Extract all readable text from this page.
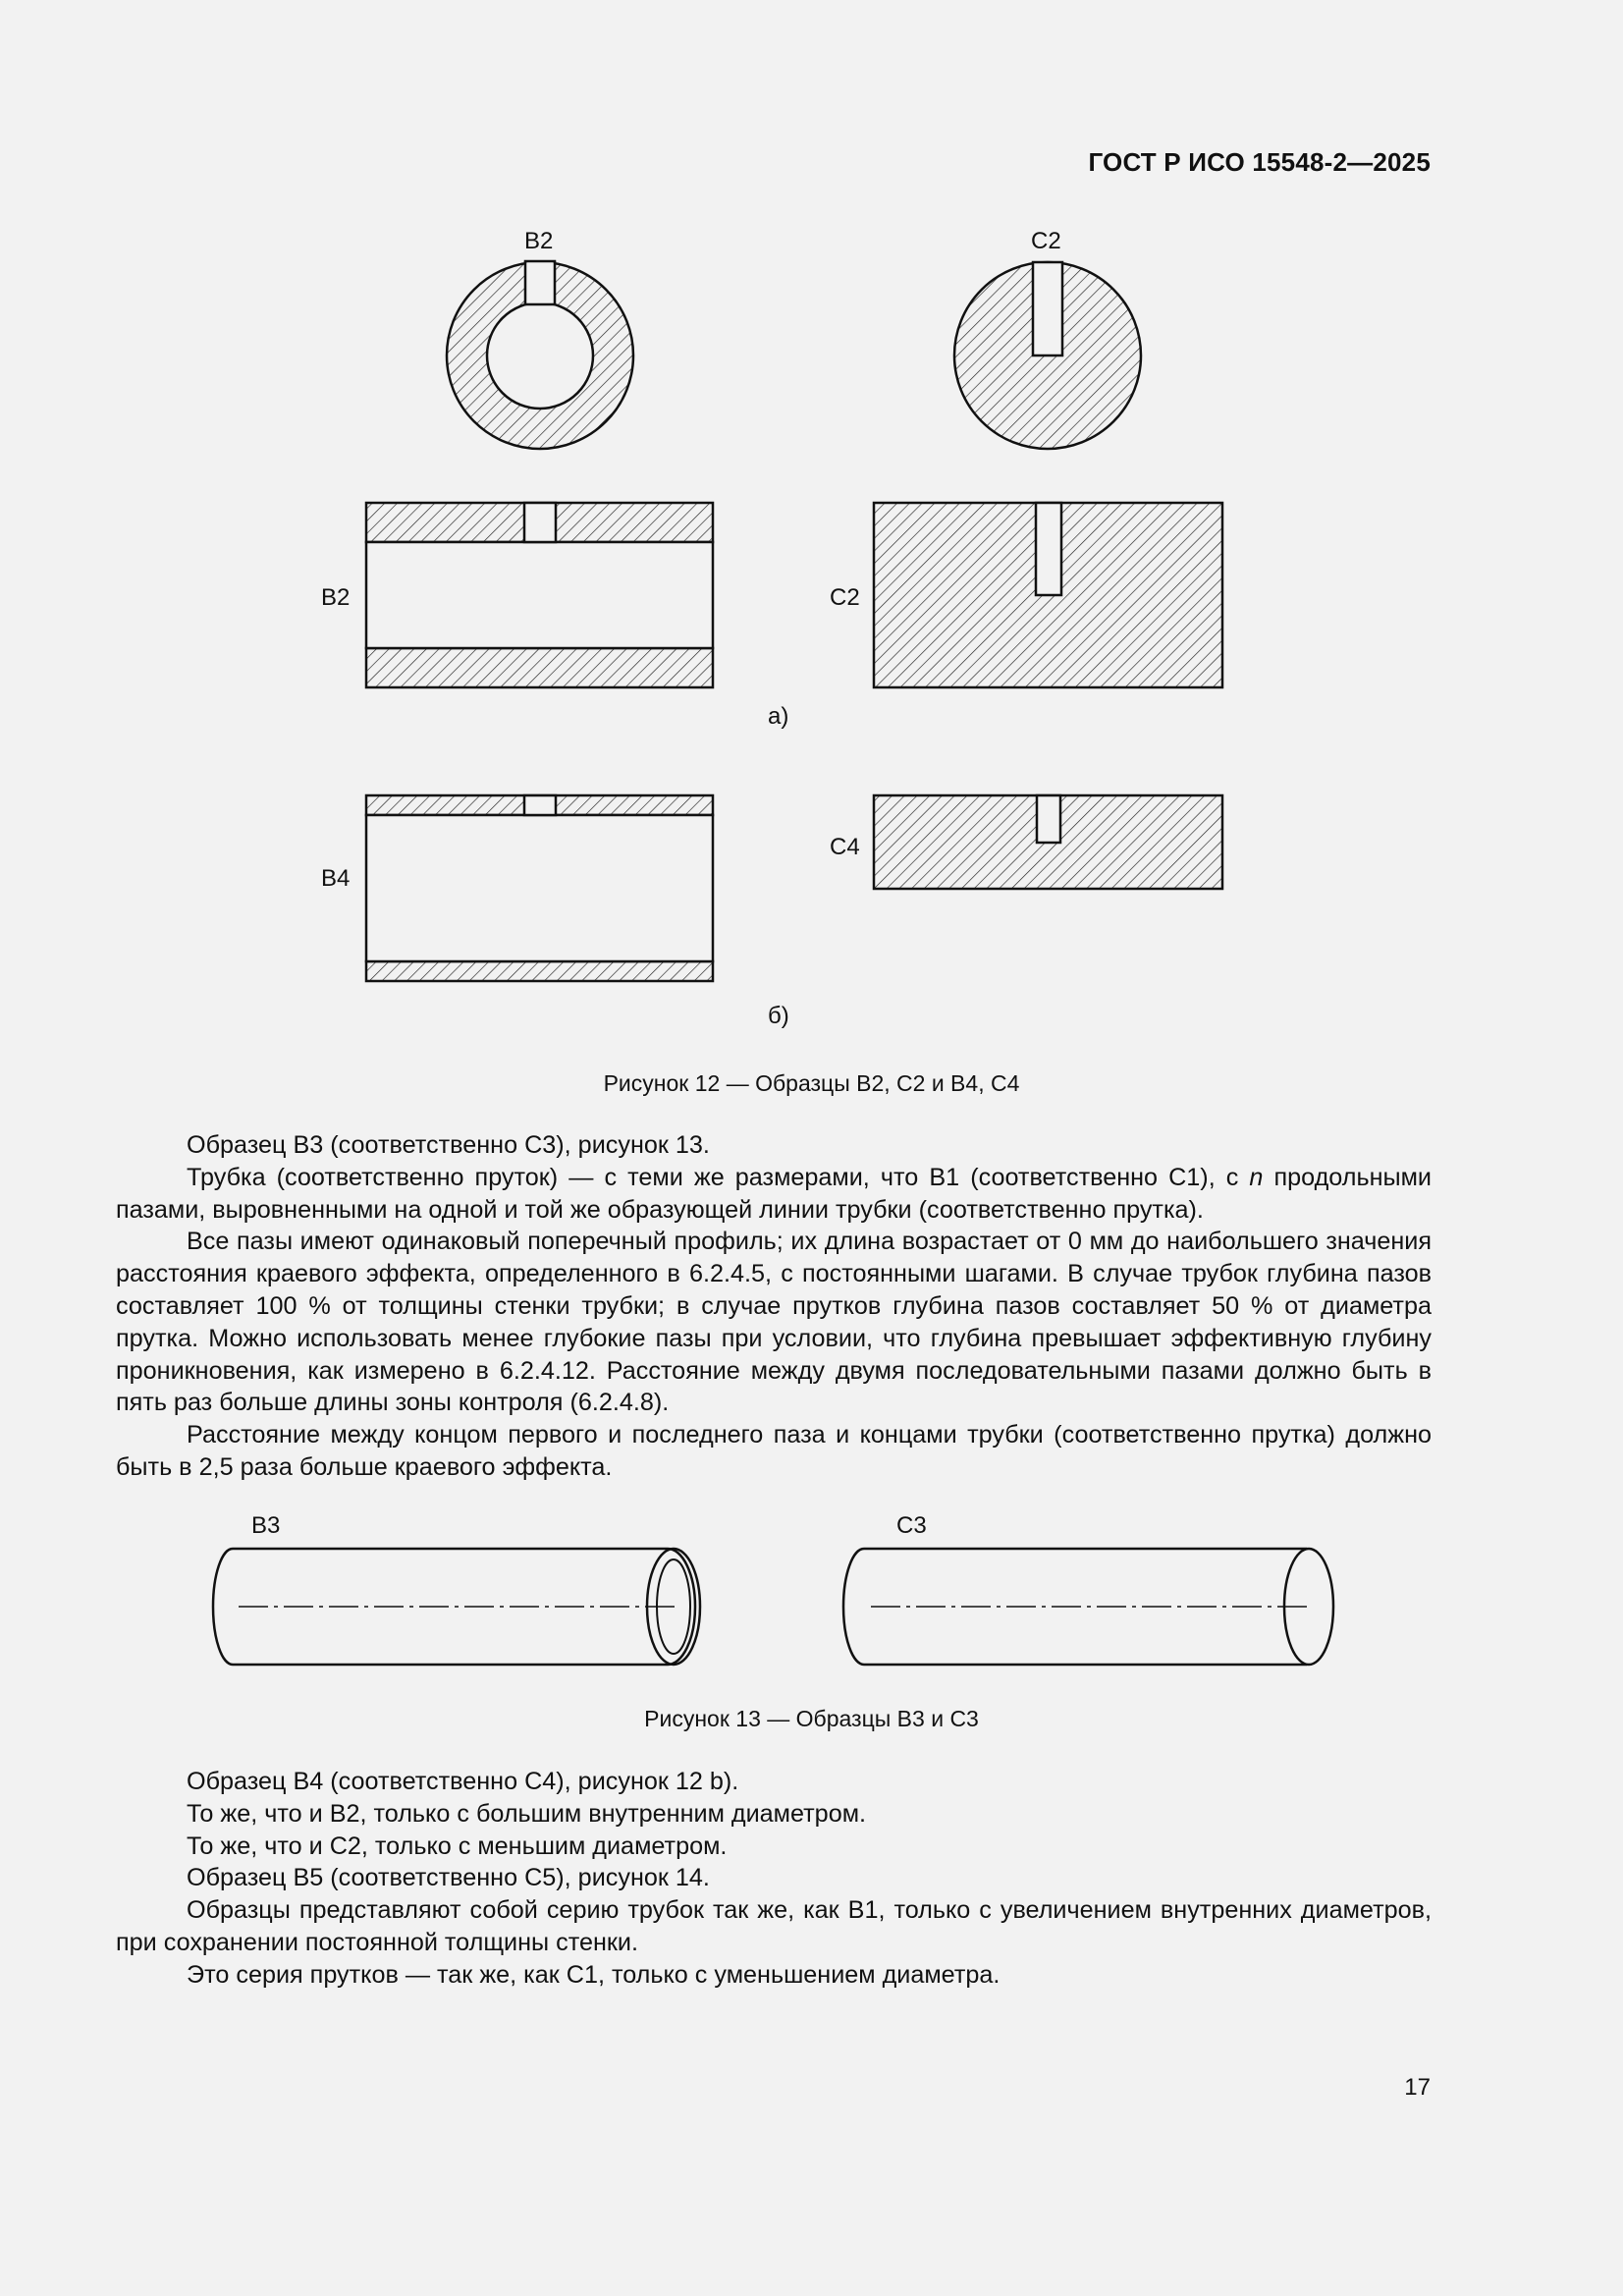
ГОСТ Р ИСО 15548-2—2025
B2	C2
B2	C2
а)
B4
C4
б)
Рисунок 12 — Образцы B2, C2 и B4, C4

Образец B3 (соответственно C3), рисунок 13.

Трубка (соответственно пруток) — с теми же размерами, что B1 (соответственно C1), с n продольными пазами, выровненными на одной и той же образующей линии трубки (соответственно прутка).

Все пазы имеют одинаковый поперечный профиль; их длина возрастает от 0 мм до наибольшего значения расстояния краевого эффекта, определенного в 6.2.4.5, с постоянными шагами. В случае трубок глубина пазов составляет 100 % от толщины стенки трубки; в случае прутков глубина пазов составляет 50 % от диаметра прутка. Можно использовать менее глубокие пазы при условии, что глубина превышает эффективную глубину проникновения, как измерено в 6.2.4.12. Расстояние между двумя последовательными пазами должно быть в пять раз больше длины зоны контроля (6.2.4.8).

Расстояние между концом первого и последнего паза и концами трубки (соответственно прутка) должно быть в 2,5 раза больше краевого эффекта.

B3	C3
Рисунок 13 — Образцы B3 и C3

Образец B4 (соответственно C4), рисунок 12 b).

То же, что и B2, только с большим внутренним диаметром.

То же, что и C2, только с меньшим диаметром.

Образец B5 (соответственно C5), рисунок 14.

Образцы представляют собой серию трубок так же, как B1, только с увеличением внутренних диаметров, при сохранении постоянной толщины стенки.

Это серия прутков — так же, как C1, только с уменьшением диаметра.

17
